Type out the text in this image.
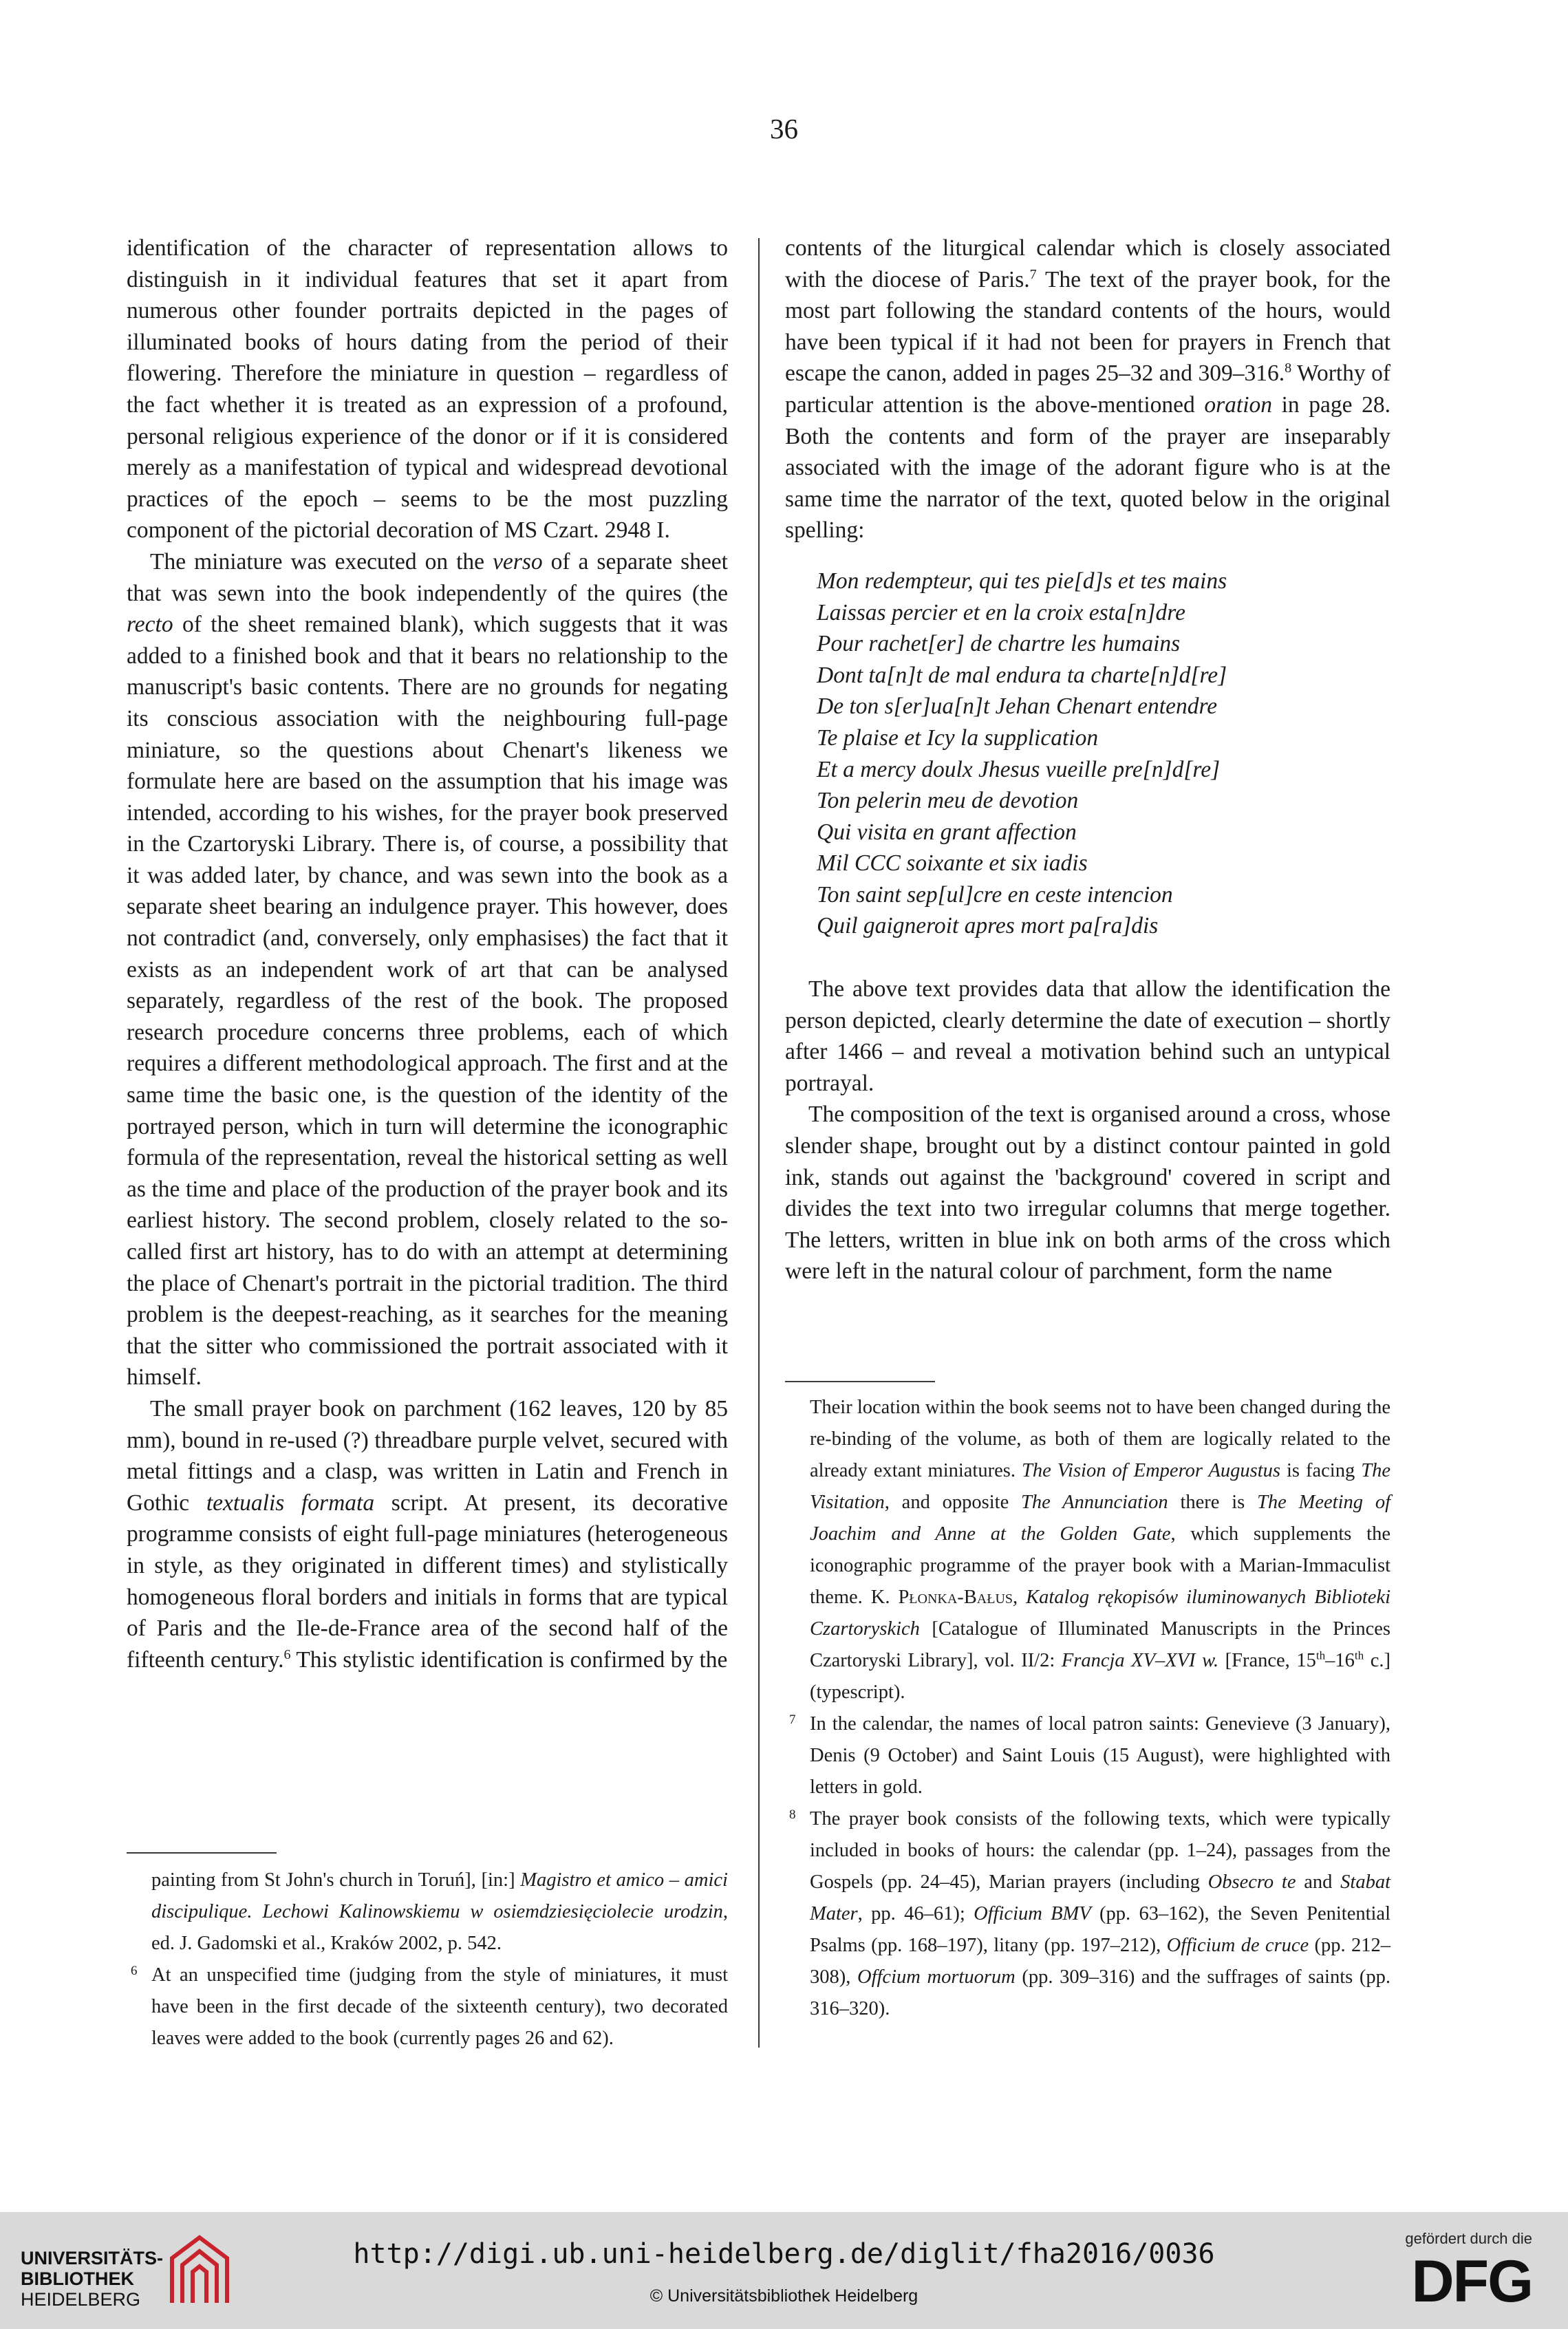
36

identification of the character of representation allows to distinguish in it individual features that set it apart from numerous other founder portraits depicted in the pages of illuminated books of hours dating from the period of their flowering. Therefore the miniature in question – regardless of the fact whether it is treated as an expression of a profound, personal religious experience of the donor or if it is considered merely as a manifestation of typical and widespread devotional practices of the epoch – seems to be the most puzzling component of the pictorial decoration of MS Czart. 2948 I.

The miniature was executed on the verso of a separate sheet that was sewn into the book independently of the quires (the recto of the sheet remained blank), which suggests that it was added to a finished book and that it bears no relationship to the manuscript's basic contents. There are no grounds for negating its conscious association with the neighbouring full-page miniature, so the questions about Chenart's likeness we formulate here are based on the assumption that his image was intended, according to his wishes, for the prayer book preserved in the Czartoryski Library. There is, of course, a possibility that it was added later, by chance, and was sewn into the book as a separate sheet bearing an indulgence prayer. This however, does not contradict (and, conversely, only emphasises) the fact that it exists as an independent work of art that can be analysed separately, regardless of the rest of the book. The proposed research procedure concerns three problems, each of which requires a different methodological approach. The first and at the same time the basic one, is the question of the identity of the portrayed person, which in turn will determine the iconographic formula of the representation, reveal the historical setting as well as the time and place of the production of the prayer book and its earliest history. The second problem, closely related to the so-called first art history, has to do with an attempt at determining the place of Chenart's portrait in the pictorial tradition. The third problem is the deepest-reaching, as it searches for the meaning that the sitter who commissioned the portrait associated with it himself.

The small prayer book on parchment (162 leaves, 120 by 85 mm), bound in re-used (?) threadbare purple velvet, secured with metal fittings and a clasp, was written in Latin and French in Gothic textualis formata script. At present, its decorative programme consists of eight full-page miniatures (heterogeneous in style, as they originated in different times) and stylistically homogeneous floral borders and initials in forms that are typical of Paris and the Ile-de-France area of the second half of the fifteenth century.$^6$ This stylistic identification is confirmed by the

contents of the liturgical calendar which is closely associated with the diocese of Paris.$^7$ The text of the prayer book, for the most part following the standard contents of the hours, would have been typical if it had not been for prayers in French that escape the canon, added in pages 25–32 and 309–316.$^8$ Worthy of particular attention is the above-mentioned oration in page 28. Both the contents and form of the prayer are inseparably associated with the image of the adorant figure who is at the same time the narrator of the text, quoted below in the original spelling:

Mon redempteur, qui tes pie[d]s et tes mains
Laissas percier et en la croix esta[n]dre
Pour rachet[er] de chartre les humains
Dont ta[n]t de mal endura ta charte[n]d[re]
De ton s[er]ua[n]t Jehan Chenart entendre
Te plaise et Icy la supplication
Et a mercy doulx Jhesus vueille pre[n]d[re]
Ton pelerin meu de devotion
Qui visita en grant affection
Mil CCC soixante et six iadis
Ton saint sep[ul]cre en ceste intencion
Quil gaigneroit apres mort pa[ra]dis

The above text provides data that allow the identification the person depicted, clearly determine the date of execution – shortly after 1466 – and reveal a motivation behind such an untypical portrayal.

The composition of the text is organised around a cross, whose slender shape, brought out by a distinct contour painted in gold ink, stands out against the 'background' covered in script and divides the text into two irregular columns that merge together. The letters, written in blue ink on both arms of the cross which were left in the natural colour of parchment, form the name

painting from St John's church in Toruń], [in:] Magistro et amico – amici discipulique. Lechowi Kalinowskiemu w osiemdziesięciolecie urodzin, ed. J. Gadomski et al., Kraków 2002, p. 542.

6 At an unspecified time (judging from the style of miniatures, it must have been in the first decade of the sixteenth century), two decorated leaves were added to the book (currently pages 26 and 62).

Their location within the book seems not to have been changed during the re-binding of the volume, as both of them are logically related to the already extant miniatures. The Vision of Emperor Augustus is facing The Visitation, and opposite The Annunciation there is The Meeting of Joachim and Anne at the Golden Gate, which supplements the iconographic programme of the prayer book with a Marian-Immaculist theme. K. Płonka-Bałus, Katalog rękopisów iluminowanych Biblioteki Czartoryskich [Catalogue of Illuminated Manuscripts in the Princes Czartoryski Library], vol. II/2: Francja XV–XVI w. [France, 15th–16th c.] (typescript).

7 In the calendar, the names of local patron saints: Genevieve (3 January), Denis (9 October) and Saint Louis (15 August), were highlighted with letters in gold.

8 The prayer book consists of the following texts, which were typically included in books of hours: the calendar (pp. 1–24), passages from the Gospels (pp. 24–45), Marian prayers (including Obsecro te and Stabat Mater, pp. 46–61); Officium BMV (pp. 63–162), the Seven Penitential Psalms (pp. 168–197), litany (pp. 197–212), Officium de cruce (pp. 212–308), Offcium mortuorum (pp. 309–316) and the suffrages of saints (pp. 316–320).

UNIVERSITÄTS-
BIBLIOTHEK
HEIDELBERG
http://digi.ub.uni-heidelberg.de/diglit/fha2016/0036
© Universitätsbibliothek Heidelberg
gefördert durch die
DFG
